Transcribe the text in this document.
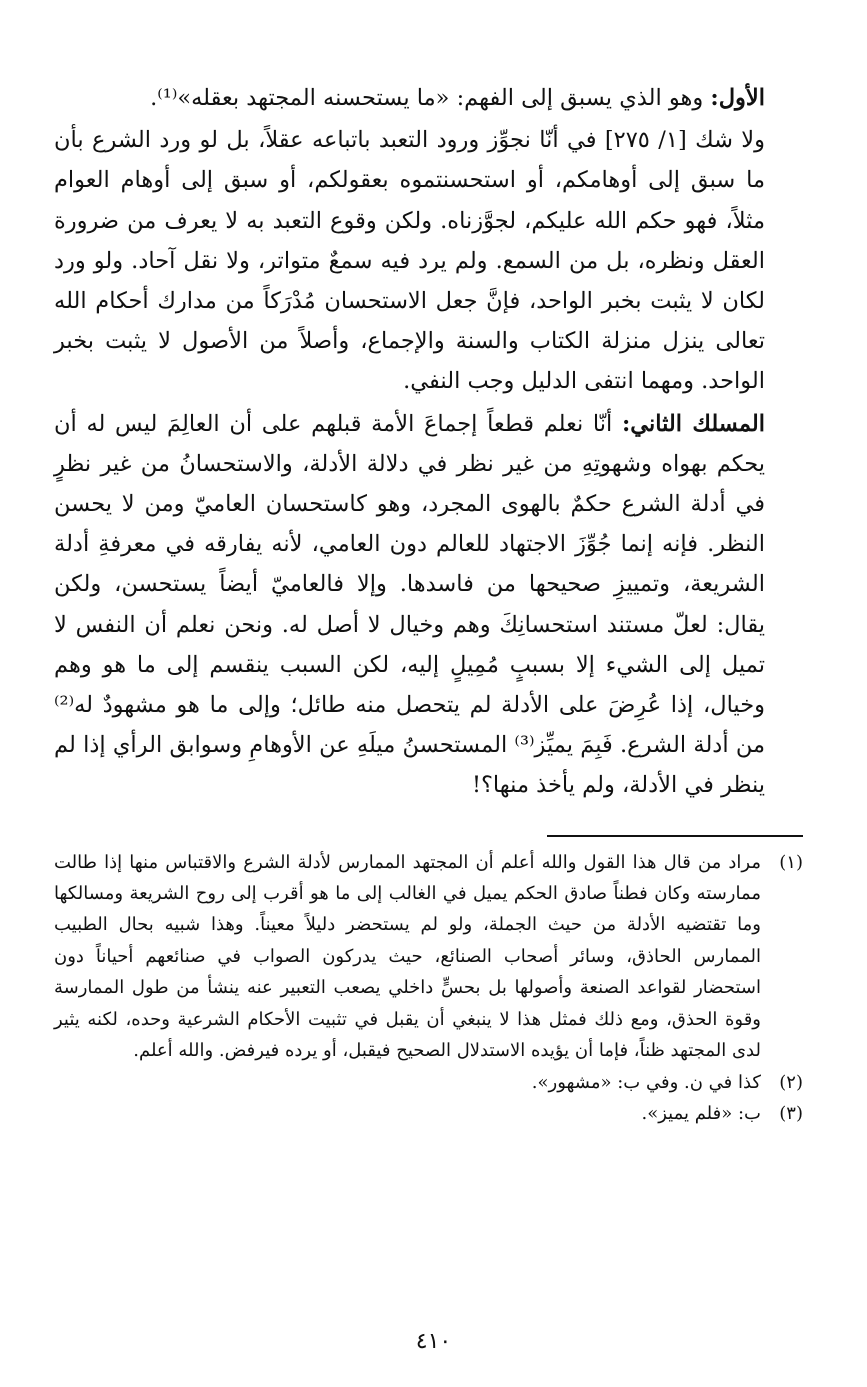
الأول: وهو الذي يسبق إلى الفهم: «ما يستحسنه المجتهد بعقله»⁽¹⁾.

ولا شك [١/ ٢٧٥] في أنّا نجوِّز ورود التعبد باتباعه عقلاً، بل لو ورد الشرع بأن ما سبق إلى أوهامكم، أو استحسنتموه بعقولكم، أو سبق إلى أوهام العوام مثلاً، فهو حكم الله عليكم، لجوَّزناه. ولكن وقوع التعبد به لا يعرف من ضرورة العقل ونظره، بل من السمع. ولم يرد فيه سمعٌ متواتر، ولا نقل آحاد. ولو ورد لكان لا يثبت بخبر الواحد، فإنَّ جعل الاستحسان مُدْرَكاً من مدارك أحكام الله تعالى ينزل منزلة الكتاب والسنة والإجماع، وأصلاً من الأصول لا يثبت بخبر الواحد. ومهما انتفى الدليل وجب النفي.

المسلك الثاني: أنّا نعلم قطعاً إجماعَ الأمة قبلهم على أن العالِمَ ليس له أن يحكم بهواه وشهوتِهِ من غير نظر في دلالة الأدلة، والاستحسانُ من غير نظرٍ في أدلة الشرع حكمٌ بالهوى المجرد، وهو كاستحسان العاميّ ومن لا يحسن النظر. فإنه إنما جُوِّزَ الاجتهاد للعالم دون العامي، لأنه يفارقه في معرفةِ أدلة الشريعة، وتمييزِ صحيحها من فاسدها. وإلا فالعاميّ أيضاً يستحسن، ولكن يقال: لعلّ مستند استحسانِكَ وهم وخيال لا أصل له. ونحن نعلم أن النفس لا تميل إلى الشيء إلا بسببٍ مُمِيلٍ إليه، لكن السبب ينقسم إلى ما هو وهم وخيال، إذا عُرِضَ على الأدلة لم يتحصل منه طائل؛ وإلى ما هو مشهودٌ له⁽²⁾ من أدلة الشرع. فَبِمَ يميِّز⁽³⁾ المستحسنُ ميلَهِ عن الأوهامِ وسوابق الرأي إذا لم ينظر في الأدلة، ولم يأخذ منها؟!

(١)
مراد من قال هذا القول والله أعلم أن المجتهد الممارس لأدلة الشرع والاقتباس منها إذا طالت ممارسته وكان فطناً صادق الحكم يميل في الغالب إلى ما هو أقرب إلى روح الشريعة ومسالكها وما تقتضيه الأدلة من حيث الجملة، ولو لم يستحضر دليلاً معيناً. وهذا شبيه بحال الطبيب الممارس الحاذق، وسائر أصحاب الصنائع، حيث يدركون الصواب في صنائعهم أحياناً دون استحضار لقواعد الصنعة وأصولها بل بحسٍّ داخلي يصعب التعبير عنه ينشأ من طول الممارسة وقوة الحذق، ومع ذلك فمثل هذا لا ينبغي أن يقبل في تثبيت الأحكام الشرعية وحده، لكنه يثير لدى المجتهد ظناً، فإما أن يؤيده الاستدلال الصحيح فيقبل، أو يرده فيرفض. والله أعلم.
(٢)
كذا في ن. وفي ب: «مشهور».
(٣)
ب: «فلم يميز».
٤١٠
